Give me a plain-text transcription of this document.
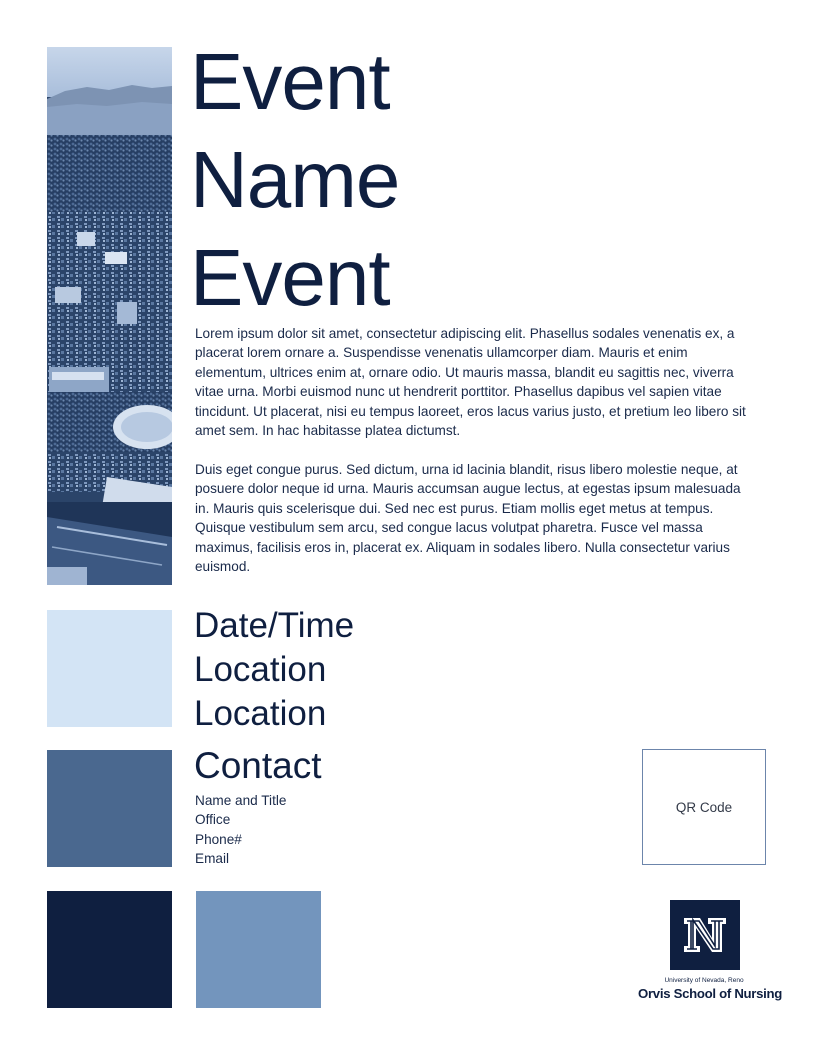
Event
Name
Event

Lorem ipsum dolor sit amet, consectetur adipiscing elit. Phasellus sodales venenatis ex, a placerat lorem ornare a. Suspendisse venenatis ullamcorper diam. Mauris et enim elementum, ultrices enim at, ornare odio. Ut mauris massa, blandit eu sagittis nec, viverra vitae urna. Morbi euismod nunc ut hendrerit porttitor. Phasellus dapibus vel sapien vitae tincidunt. Ut placerat, nisi eu tempus laoreet, eros lacus varius justo, et pretium leo libero sit amet sem. In hac habitasse platea dictumst.

Duis eget congue purus. Sed dictum, urna id lacinia blandit, risus libero molestie neque, at posuere dolor neque id urna. Mauris accumsan augue lectus, at egestas ipsum malesuada in. Mauris quis scelerisque dui. Sed nec est purus. Etiam mollis eget metus at tempus. Quisque vestibulum sem arcu, sed congue lacus volutpat pharetra. Fusce vel massa maximus, facilisis eros in, placerat ex. Aliquam in sodales libero. Nulla consectetur varius euismod.

Date/Time
Location
Location
Contact
Name and Title
Office
Phone#
Email
QR Code
University of Nevada, Reno
Orvis School of Nursing
